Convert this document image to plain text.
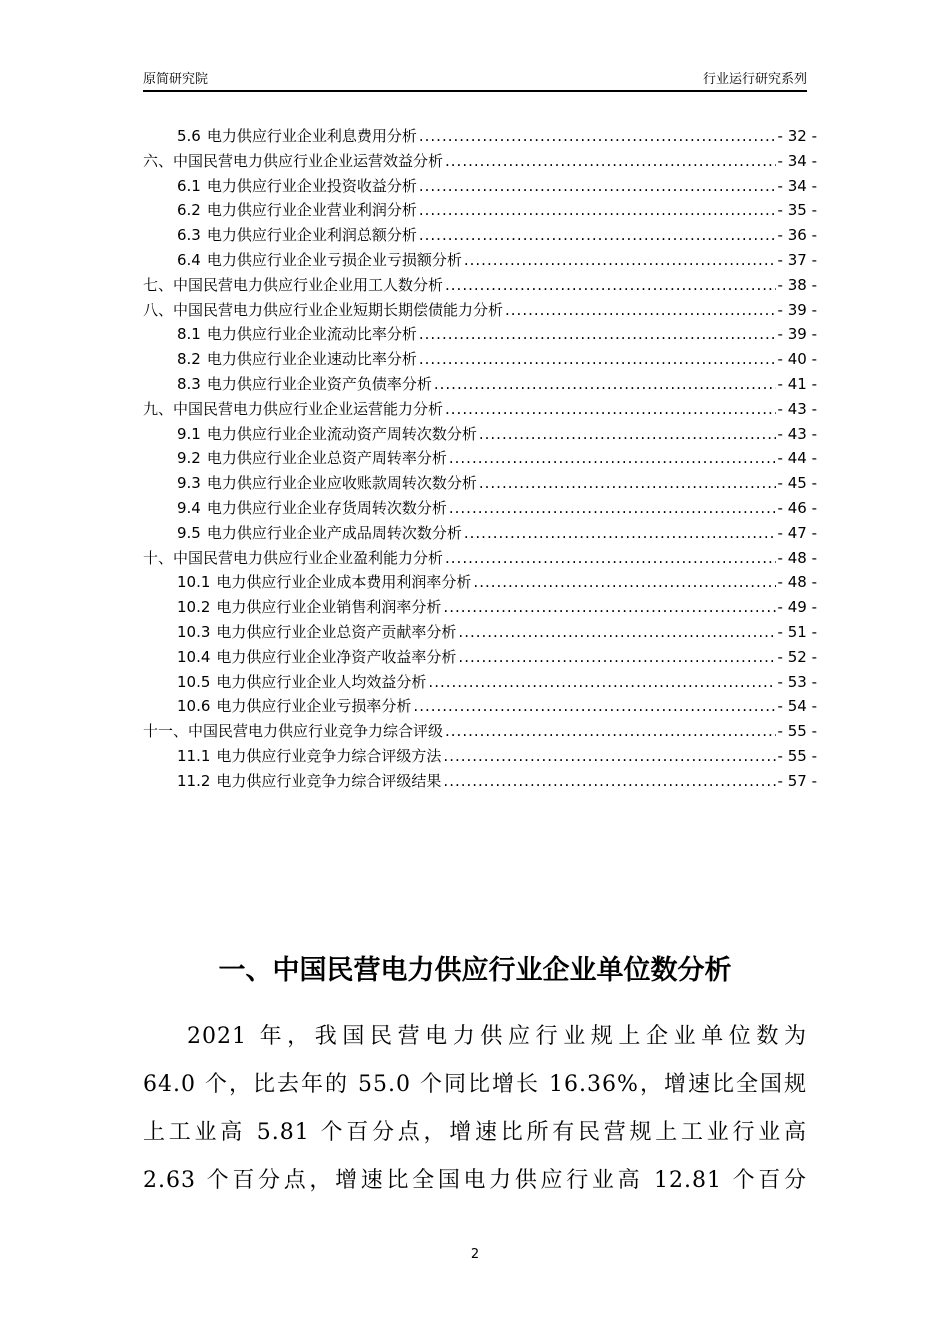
原简研究院	行业运行研究系列
5.6 电力供应行业企业利息费用分析 .....	- 32 -
六、中国民营电力供应行业企业运营效益分析 .....	- 34 -
6.1 电力供应行业企业投资收益分析 .....	- 34 -
6.2 电力供应行业企业营业利润分析 .....	- 35 -
6.3 电力供应行业企业利润总额分析 .....	- 36 -
6.4 电力供应行业企业亏损企业亏损额分析 .....	- 37 -
七、中国民营电力供应行业企业用工人数分析 .....	- 38 -
八、中国民营电力供应行业企业短期长期偿债能力分析 .....	- 39 -
8.1 电力供应行业企业流动比率分析 .....	- 39 -
8.2 电力供应行业企业速动比率分析 .....	- 40 -
8.3 电力供应行业企业资产负债率分析 .....	- 41 -
九、中国民营电力供应行业企业运营能力分析 .....	- 43 -
9.1 电力供应行业企业流动资产周转次数分析 .....	- 43 -
9.2 电力供应行业企业总资产周转率分析 .....	- 44 -
9.3 电力供应行业企业应收账款周转次数分析 .....	- 45 -
9.4 电力供应行业企业存货周转次数分析 .....	- 46 -
9.5 电力供应行业企业产成品周转次数分析 .....	- 47 -
十、中国民营电力供应行业企业盈利能力分析 .....	- 48 -
10.1 电力供应行业企业成本费用利润率分析 .....	- 48 -
10.2 电力供应行业企业销售利润率分析 .....	- 49 -
10.3 电力供应行业企业总资产贡献率分析 .....	- 51 -
10.4 电力供应行业企业净资产收益率分析 .....	- 52 -
10.5 电力供应行业企业人均效益分析 .....	- 53 -
10.6 电力供应行业企业亏损率分析 .....	- 54 -
十一、中国民营电力供应行业竞争力综合评级 .....	- 55 -
11.1 电力供应行业竞争力综合评级方法 .....	- 55 -
11.2 电力供应行业竞争力综合评级结果 .....	- 57 -
一、中国民营电力供应行业企业单位数分析
2021 年，我国民营电力供应行业规上企业单位数为
64.0 个，比去年的 55.0 个同比增长 16.36%，增速比全国规
上工业高 5.81 个百分点，增速比所有民营规上工业行业高
2.63 个百分点，增速比全国电力供应行业高 12.81 个百分
2
